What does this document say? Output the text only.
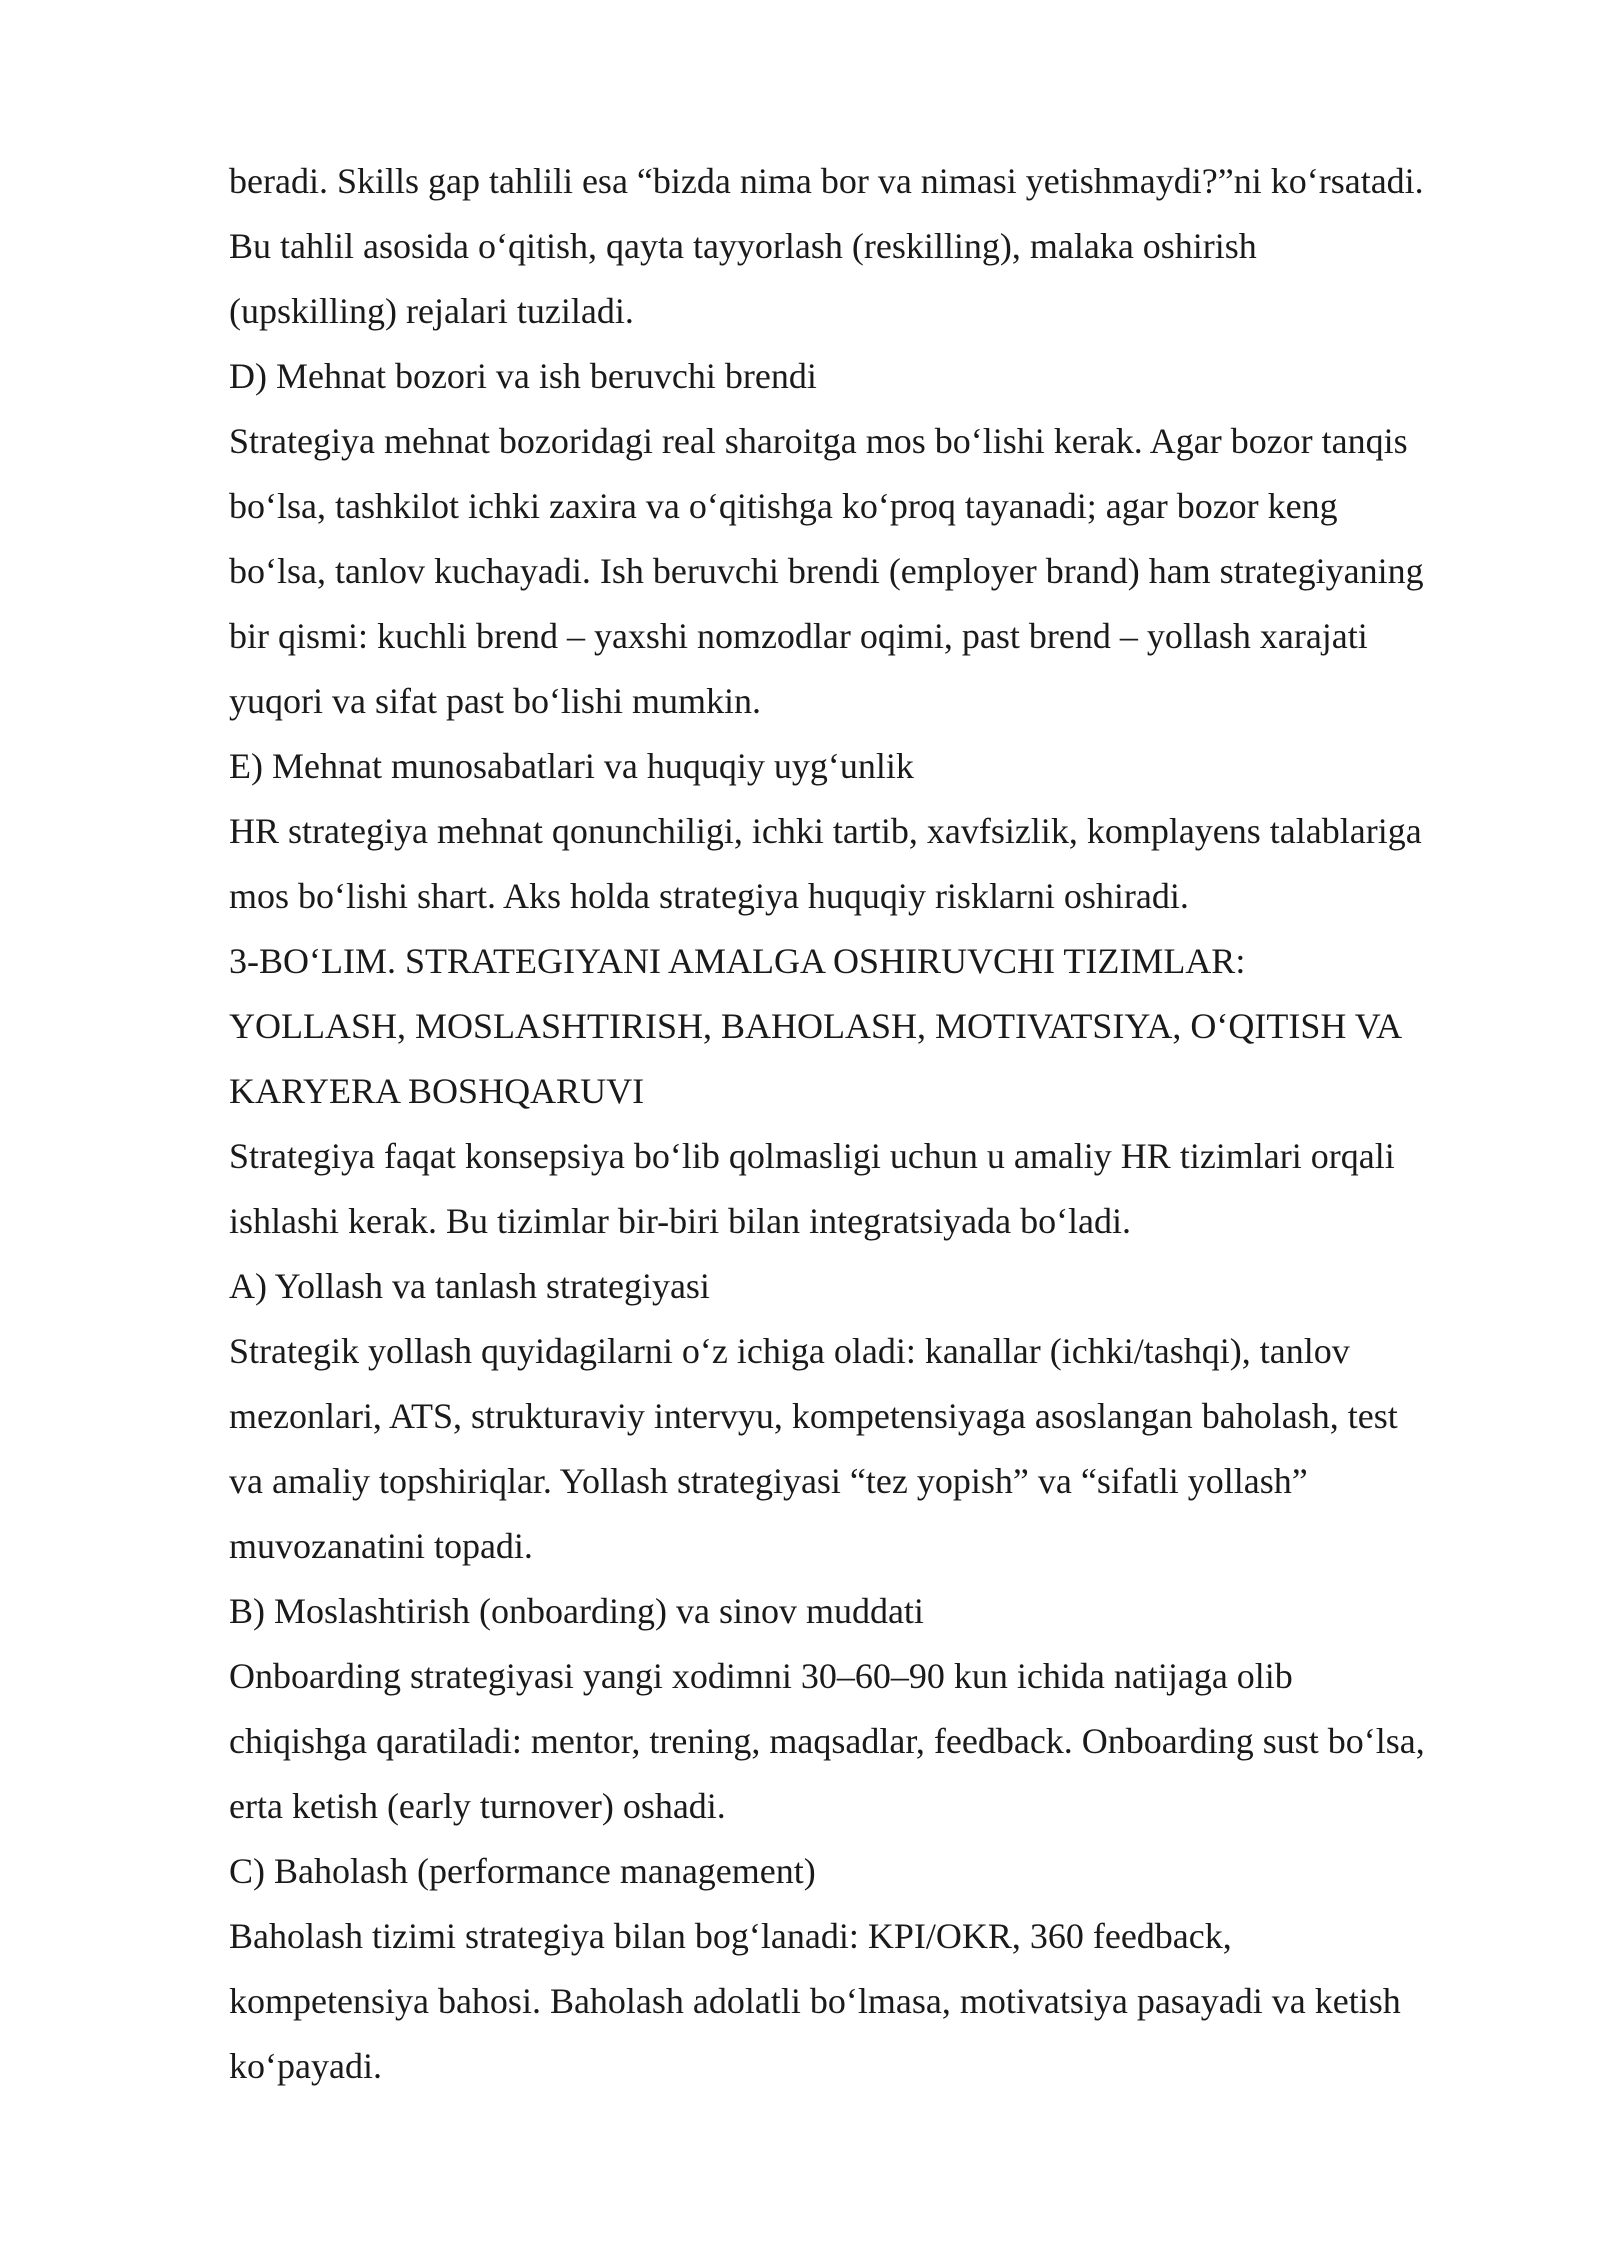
beradi. Skills gap tahlili esa “bizda nima bor va nimasi yetishmaydi?”ni ko‘rsatadi.
Bu tahlil asosida o‘qitish, qayta tayyorlash (reskilling), malaka oshirish
(upskilling) rejalari tuziladi.
D) Mehnat bozori va ish beruvchi brendi
Strategiya mehnat bozoridagi real sharoitga mos bo‘lishi kerak. Agar bozor tanqis
bo‘lsa, tashkilot ichki zaxira va o‘qitishga ko‘proq tayanadi; agar bozor keng
bo‘lsa, tanlov kuchayadi. Ish beruvchi brendi (employer brand) ham strategiyaning
bir qismi: kuchli brend – yaxshi nomzodlar oqimi, past brend – yollash xarajati
yuqori va sifat past bo‘lishi mumkin.
E) Mehnat munosabatlari va huquqiy uyg‘unlik
HR strategiya mehnat qonunchiligi, ichki tartib, xavfsizlik, komplayens talablariga
mos bo‘lishi shart. Aks holda strategiya huquqiy risklarni oshiradi.
3-BO‘LIM. STRATEGIYANI AMALGA OSHIRUVCHI TIZIMLAR:
YOLLASH, MOSLASHTIRISH, BAHOLASH, MOTIVATSIYA, O‘QITISH VA
KARYERA BOSHQARUVI
Strategiya faqat konsepsiya bo‘lib qolmasligi uchun u amaliy HR tizimlari orqali
ishlashi kerak. Bu tizimlar bir-biri bilan integratsiyada bo‘ladi.
A) Yollash va tanlash strategiyasi
Strategik yollash quyidagilarni o‘z ichiga oladi: kanallar (ichki/tashqi), tanlov
mezonlari, ATS, strukturaviy intervyu, kompetensiyaga asoslangan baholash, test
va amaliy topshiriqlar. Yollash strategiyasi “tez yopish” va “sifatli yollash”
muvozanatini topadi.
B) Moslashtirish (onboarding) va sinov muddati
Onboarding strategiyasi yangi xodimni 30–60–90 kun ichida natijaga olib
chiqishga qaratiladi: mentor, trening, maqsadlar, feedback. Onboarding sust bo‘lsa,
erta ketish (early turnover) oshadi.
C) Baholash (performance management)
Baholash tizimi strategiya bilan bog‘lanadi: KPI/OKR, 360 feedback,
kompetensiya bahosi. Baholash adolatli bo‘lmasa, motivatsiya pasayadi va ketish
ko‘payadi.
